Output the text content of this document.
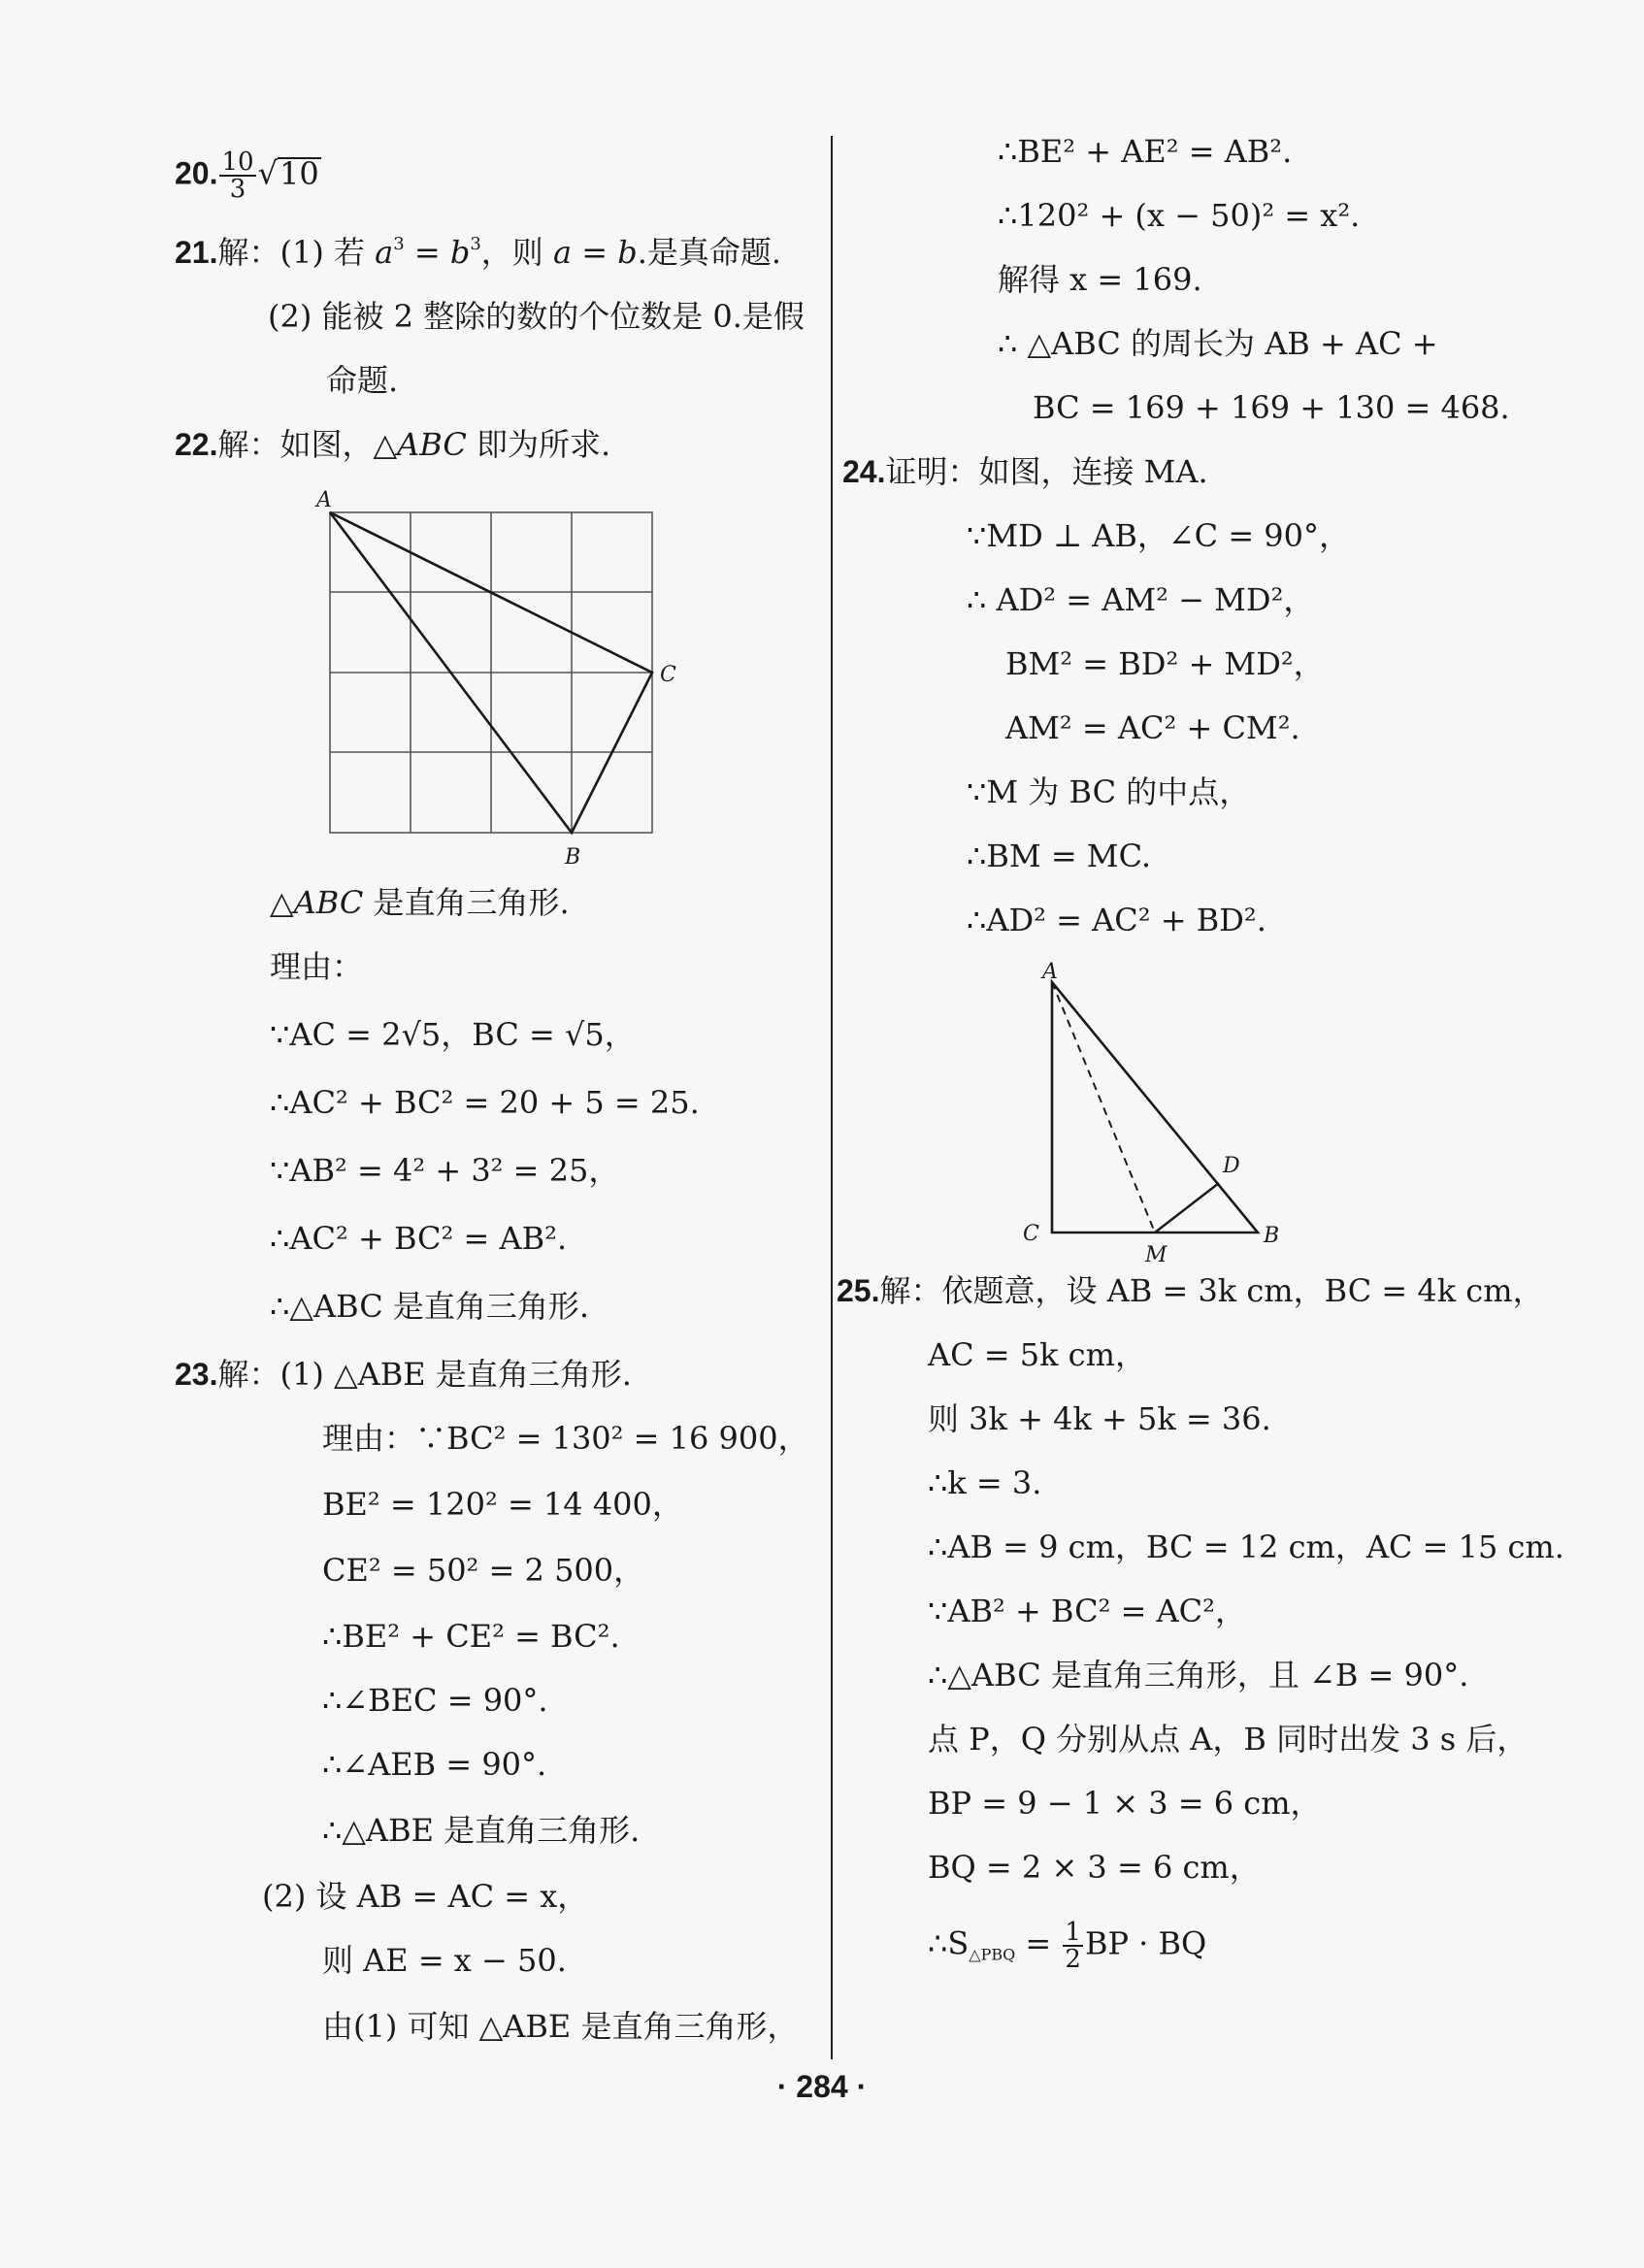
20. $\frac{10}{3} √10$
21.解：(1) 若 $a^3 = b^3$，则 a = b.是真命题.
(2) 能被 2 整除的数的个位数是 0.是假
命题.
22.解：如图，△ABC 即为所求.
A
C
B
△ABC 是直角三角形.
理由：
∵AC = 2√5，BC = √5，
∴AC² + BC² = 20 + 5 = 25.
∵AB² = 4² + 3² = 25，
∴AC² + BC² = AB².
∴△ABC 是直角三角形.
23.解：(1) △ABE 是直角三角形.
理由：∵BC² = 130² = 16 900，
BE² = 120² = 14 400，
CE² = 50² = 2 500，
∴BE² + CE² = BC².
∴∠BEC = 90°.
∴∠AEB = 90°.
∴△ABE 是直角三角形.
(2) 设 AB = AC = x，
则 AE = x − 50.
由(1) 可知 △ABE 是直角三角形，
∴BE² + AE² = AB².
∴120² + (x − 50)² = x².
解得 x = 169.
∴ △ABC 的周长为 AB + AC +
BC = 169 + 169 + 130 = 468.
24.证明：如图，连接 MA.
∵MD ⊥ AB，∠C = 90°，
∴ AD² = AM² − MD²，
BM² = BD² + MD²，
AM² = AC² + CM².
∵M 为 BC 的中点，
∴BM = MC.
∴AD² = AC² + BD².
A
C
M
B
D
25.解：依题意，设 AB = 3k cm，BC = 4k cm，
AC = 5k cm，
则 3k + 4k + 5k = 36.
∴k = 3.
∴AB = 9 cm，BC = 12 cm，AC = 15 cm.
∵AB² + BC² = AC²，
∴△ABC 是直角三角形，且 ∠B = 90°.
点 P，Q 分别从点 A，B 同时出发 3 s 后，
BP = 9 − 1 × 3 = 6 cm，
BQ = 2 × 3 = 6 cm，
$\therefore S_{\triangle PBQ} = \frac{1}{2}$ BP · BQ
· 284 ·
